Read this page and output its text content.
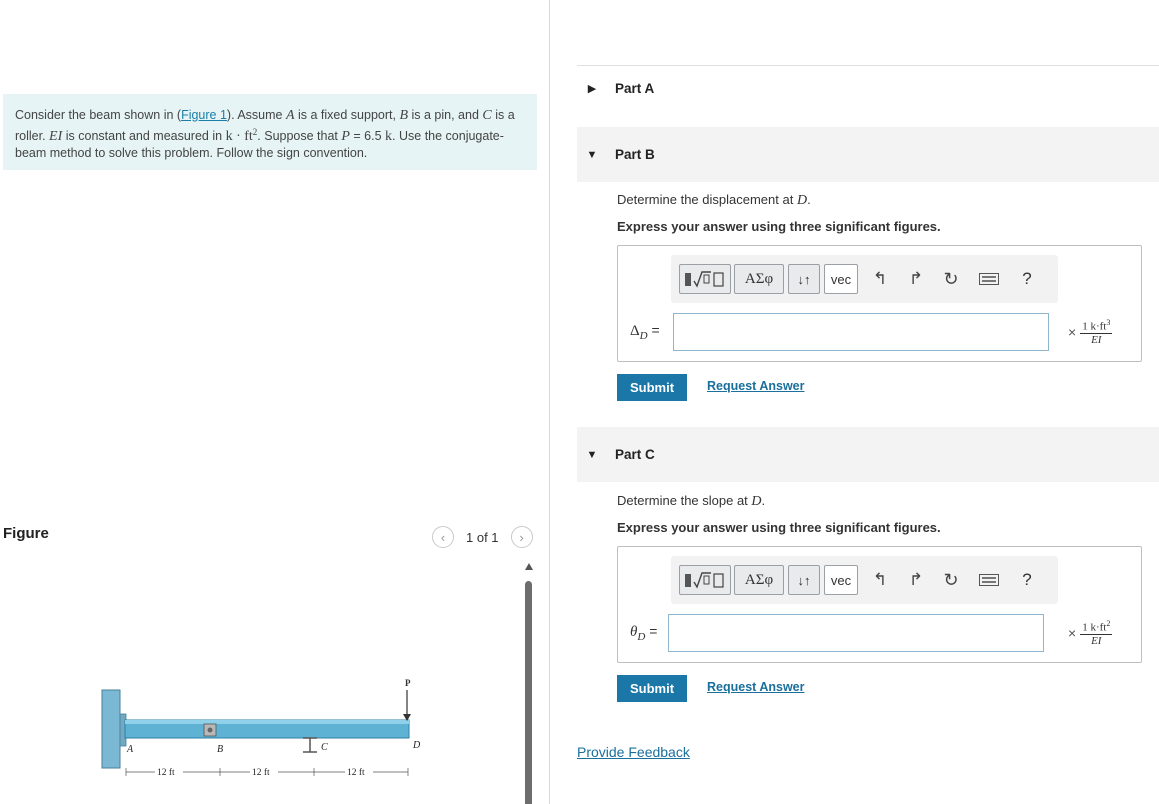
Consider the beam shown in (Figure 1). Assume A is a fixed support, B is a pin, and C is a roller. EI is constant and measured in $k \cdot ft^2$. Suppose that P = 6.5 k. Use the conjugate-beam method to solve this problem. Follow the sign convention.
Figure	‹	1 of 1	›
P
A	B	C	D
12 ft	12 ft	12 ft
▶	Part A
▼	Part B
Determine the displacement at D.
Express your answer using three significant figures.
ΑΣφ	↓↑	vec	↰	↱	↻	?
$\Delta_D$ =	× $\frac{1 k\cdot ft^3}{EI}$
Submit	Request Answer
▼	Part C
Determine the slope at D.
Express your answer using three significant figures.
ΑΣφ	↓↑	vec	↰	↱	↻	?
$\theta_D$ =	× $\frac{1 k\cdot ft^2}{EI}$
Submit	Request Answer
Provide Feedback
